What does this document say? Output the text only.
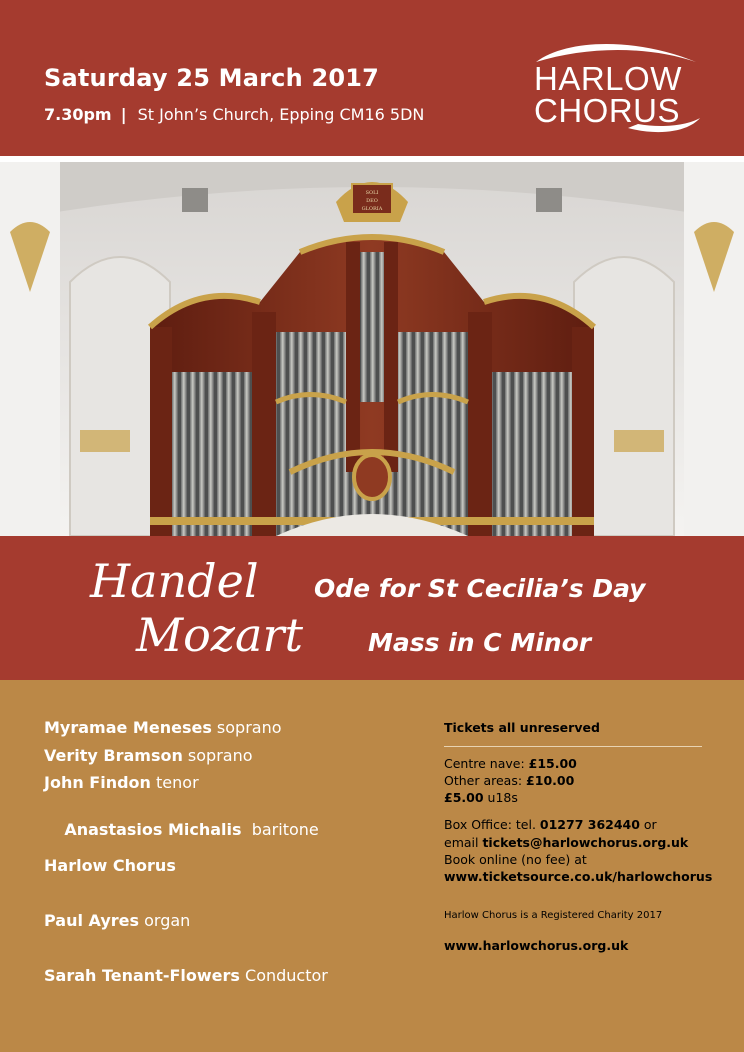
Saturday 25 March 2017
7.30pm | St John’s Church, Epping CM16 5DN
HARLOW
CHORUS
SOLI
DEO
GLORIA
Handel Ode for St Cecilia’s Day
Mozart	Mass in C Minor
Myramae Meneses soprano
Verity Bramson soprano
John Findon tenor

Anastasios Michalis  baritone

Harlow Chorus
Paul Ayres organ
Sarah Tenant-Flowers Conductor
Tickets all unreserved
Centre nave: £15.00
Other areas: £10.00
£5.00 u18s
Box Office: tel. 01277 362440 or
email tickets@harlowchorus.org.uk
Book online (no fee) at
www.ticketsource.co.uk/harlowchorus
Harlow Chorus is a Registered Charity 2017
www.harlowchorus.org.uk
